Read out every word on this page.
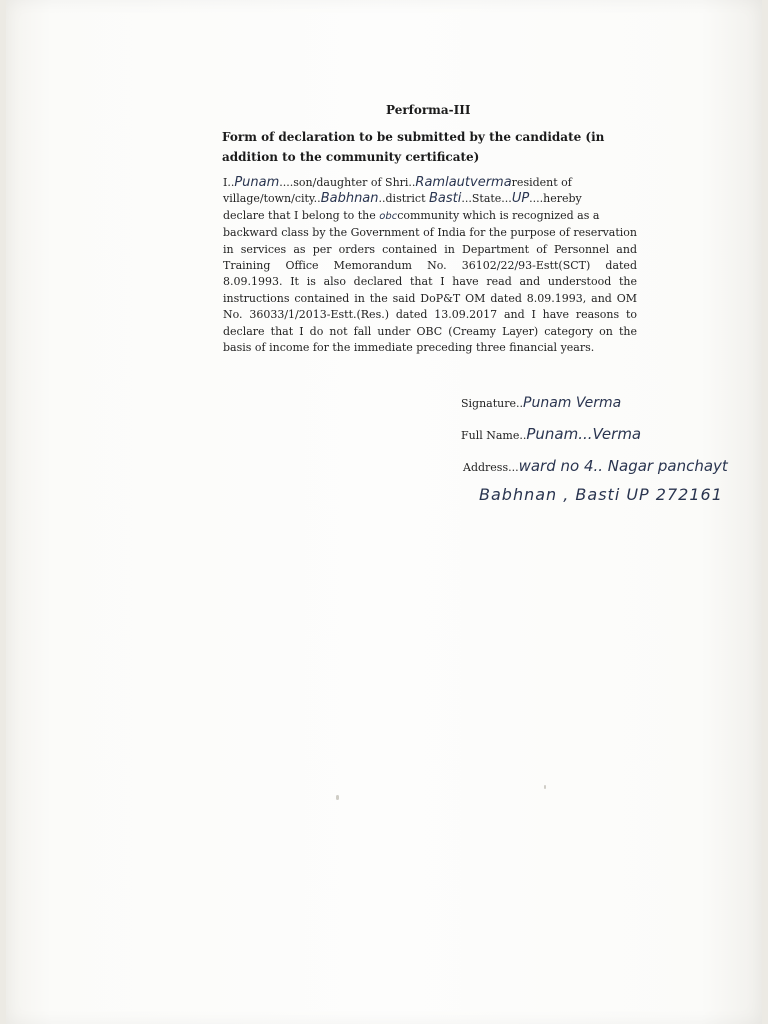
Performa-III
Form of declaration to be submitted by the candidate (in addition to the community certificate)
I..Punam....son/daughter of Shri..Ramlautvermaresident of
village/town/city..Babhnan..district Basti...State...UP....hereby
declare that I belong to the obccommunity which is recognized as a
backward class by the Government of India for the purpose of reservation in services as per orders contained in Department of Personnel and Training Office Memorandum No. 36102/22/93-Estt(SCT) dated 8.09.1993. It is also declared that I have read and understood the instructions contained in the said DoP&T OM dated 8.09.1993, and OM No. 36033/1/2013-Estt.(Res.) dated 13.09.2017 and I have reasons to declare that I do not fall under OBC (Creamy Layer) category on the basis of income for the immediate preceding three financial years.
Signature..Punam Verma
Full Name..Punam...Verma
Address...ward no 4.. Nagar panchayt
Babhnan , Basti UP 272161
